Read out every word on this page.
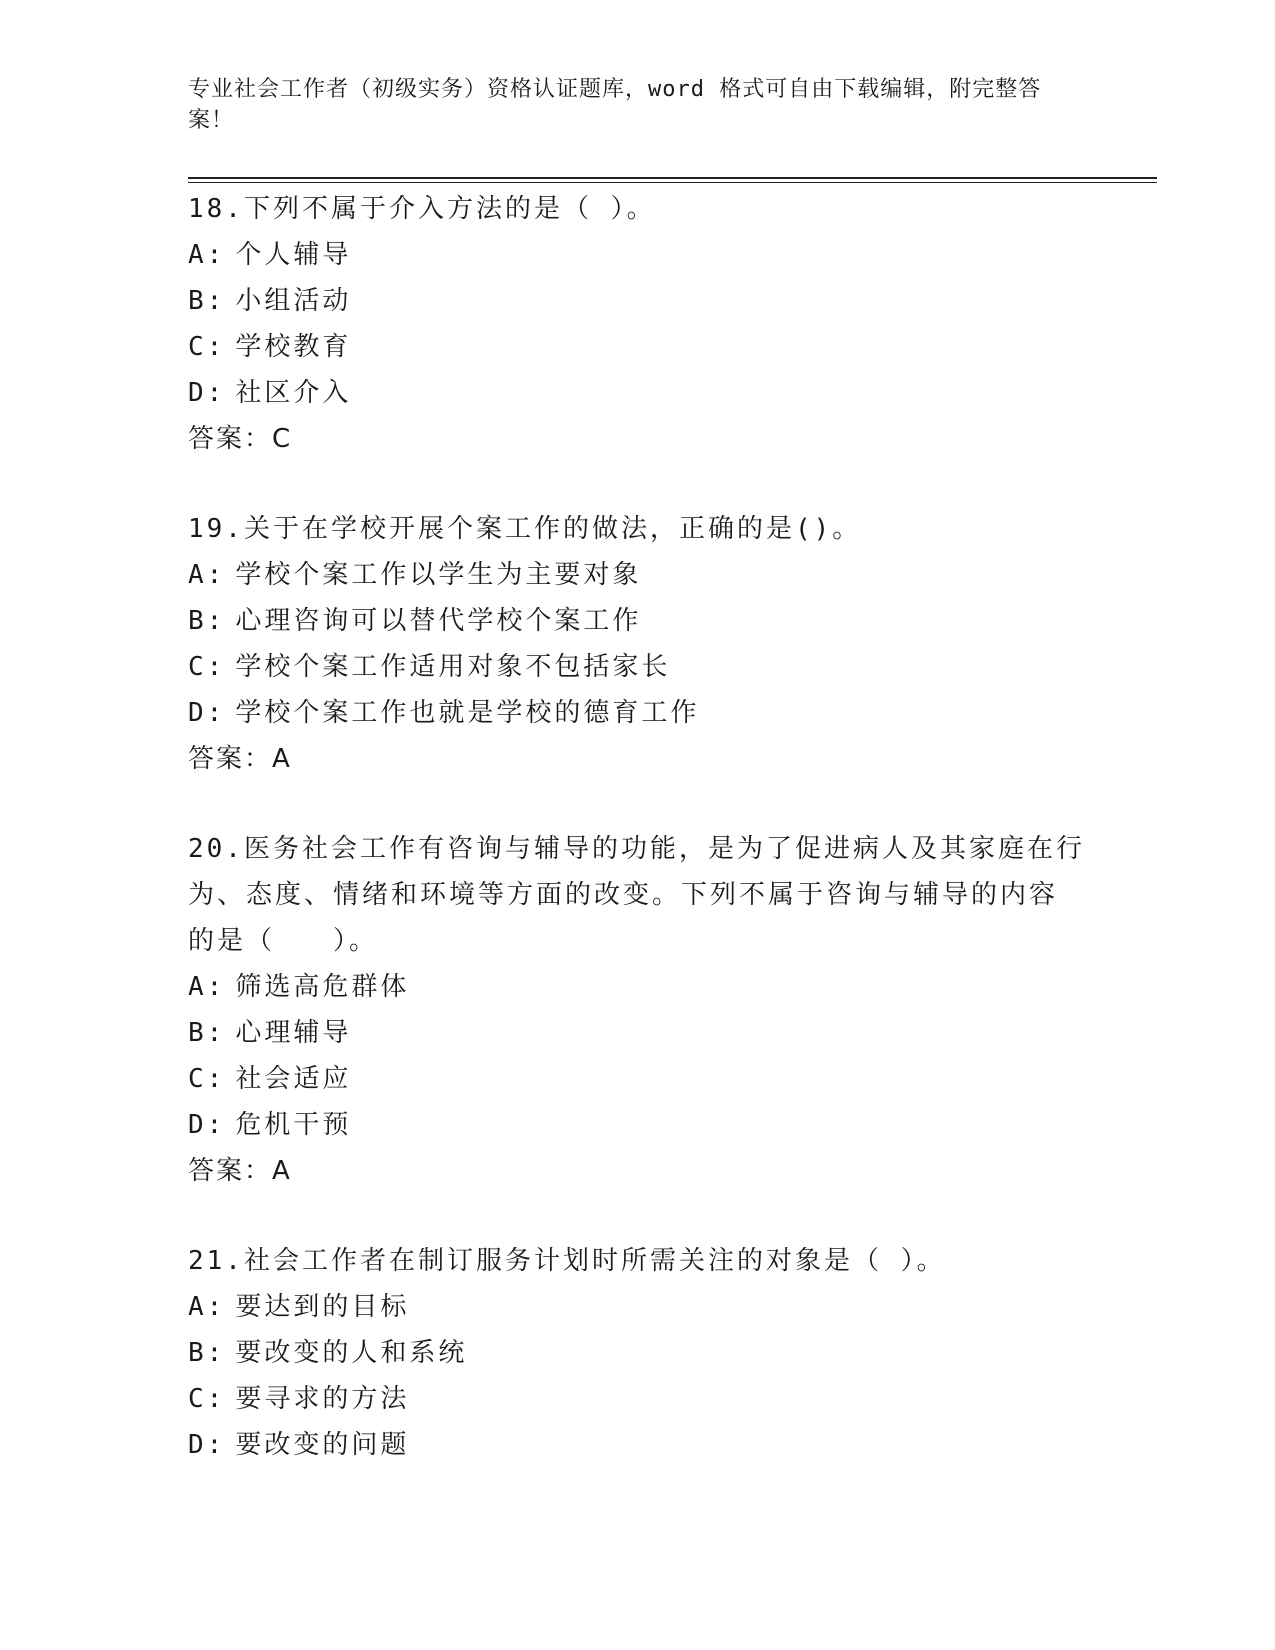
专业社会工作者（初级实务）资格认证题库，word 格式可自由下载编辑，附完整答案！
18.下列不属于介入方法的是（ ）。
A: 个人辅导
B: 小组活动
C: 学校教育
D: 社区介入
答案：C
19.关于在学校开展个案工作的做法，正确的是()。
A: 学校个案工作以学生为主要对象
B: 心理咨询可以替代学校个案工作
C: 学校个案工作适用对象不包括家长
D: 学校个案工作也就是学校的德育工作
答案：A
20.医务社会工作有咨询与辅导的功能，是为了促进病人及其家庭在行
为、态度、情绪和环境等方面的改变。下列不属于咨询与辅导的内容
的是（　　）。
A: 筛选高危群体
B: 心理辅导
C: 社会适应
D: 危机干预
答案：A
21.社会工作者在制订服务计划时所需关注的对象是（ ）。
A: 要达到的目标
B: 要改变的人和系统
C: 要寻求的方法
D: 要改变的问题
